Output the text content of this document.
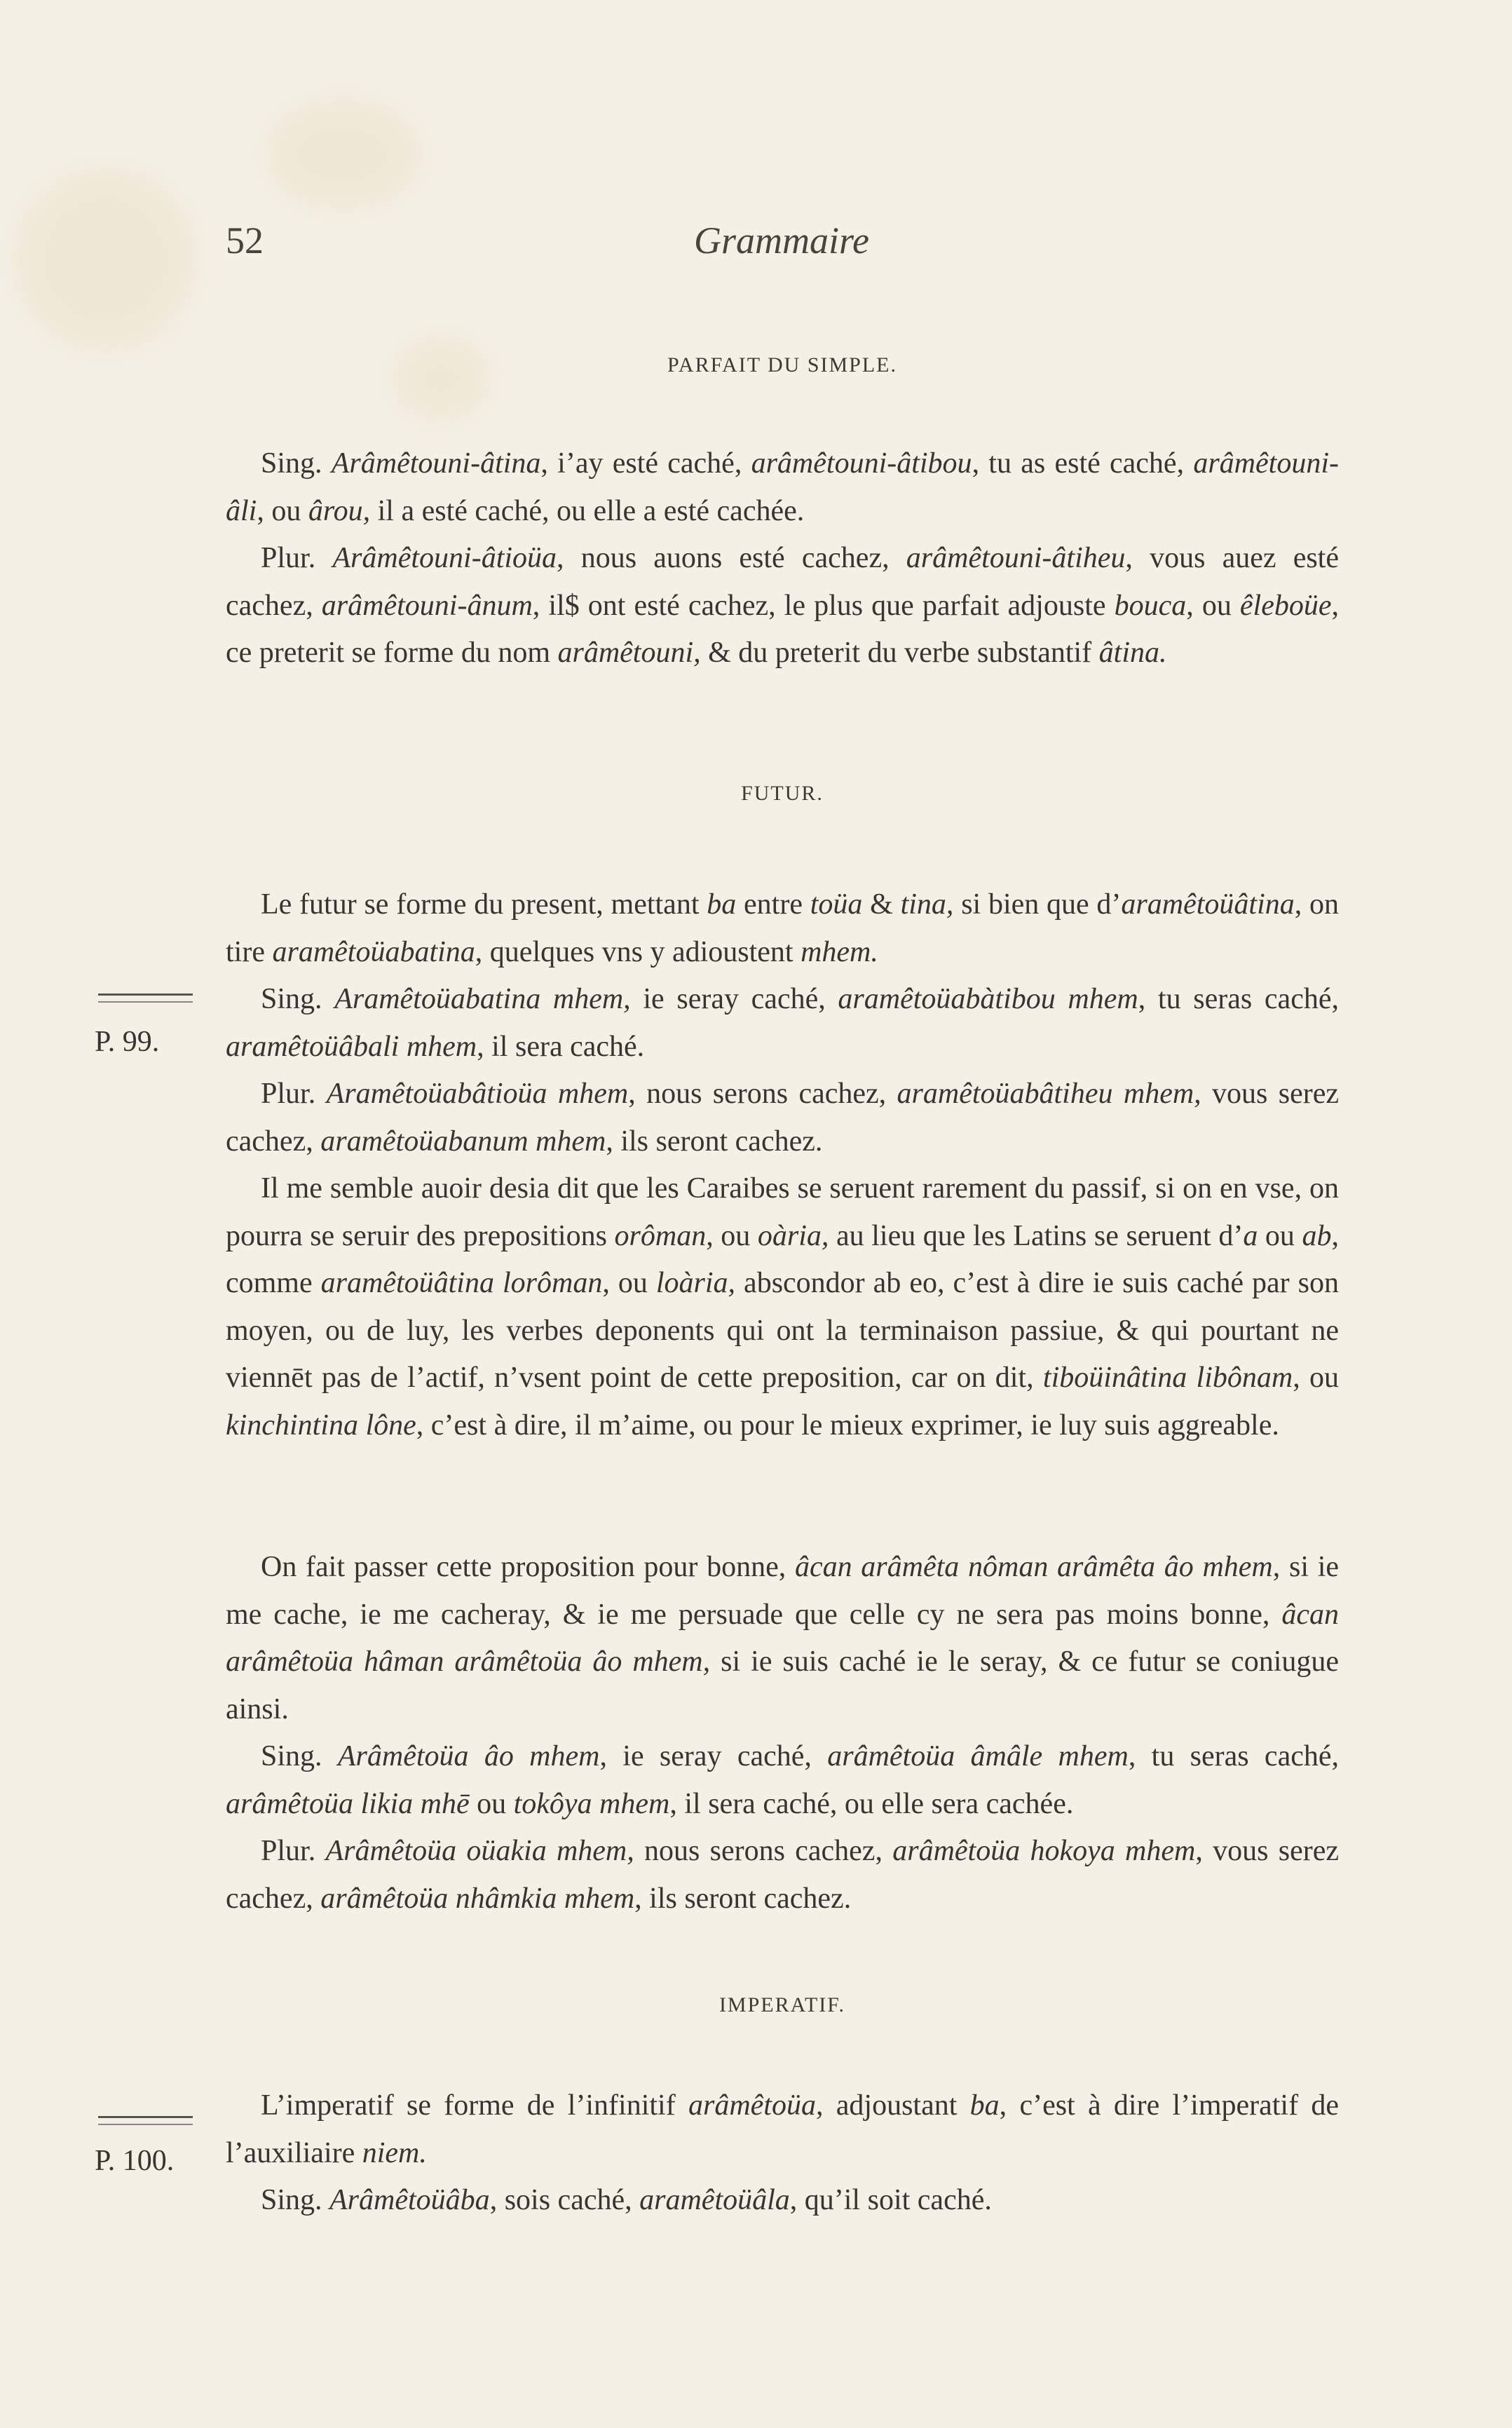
52	Grammaire
PARFAIT DU SIMPLE.
Sing. Arâmêtouni-âtina, i’ay esté caché, arâmêtouni-âtibou, tu as esté caché, arâmêtouni-âli, ou ârou, il a esté caché, ou elle a esté cachée.
Plur. Arâmêtouni-âtioüa, nous auons esté cachez, arâmêtouni-âtiheu, vous auez esté cachez, arâmêtouni-ânum, il$ ont esté cachez, le plus que parfait adjouste bouca, ou êleboüe, ce preterit se forme du nom arâmêtouni, & du preterit du verbe substantif âtina.
FUTUR.
Le futur se forme du present, mettant ba entre toüa & tina, si bien que d’aramêtoüâtina, on tire aramêtoüabatina, quelques vns y adioustent mhem.
Sing. Aramêtoüabatina mhem, ie seray caché, aramêtoüabàtibou mhem, tu seras caché, aramêtoüâbali mhem, il sera caché.
Plur. Aramêtoüabâtioüa mhem, nous serons cachez, aramêtoüabâtiheu mhem, vous serez cachez, aramêtoüabanum mhem, ils seront cachez.
Il me semble auoir desia dit que les Caraibes se seruent rarement du passif, si on en vse, on pourra se seruir des prepositions orôman, ou oària, au lieu que les Latins se seruent d’a ou ab, comme aramêtoüâtina lorôman, ou loària, abscondor ab eo, c’est à dire ie suis caché par son moyen, ou de luy, les verbes deponents qui ont la terminaison passiue, & qui pourtant ne viennēt pas de l’actif, n’vsent point de cette preposition, car on dit, tiboüinâtina libônam, ou kinchintina lône, c’est à dire, il m’aime, ou pour le mieux exprimer, ie luy suis aggreable.
On fait passer cette proposition pour bonne, âcan arâmêta nôman arâmêta âo mhem, si ie me cache, ie me cacheray, & ie me persuade que celle cy ne sera pas moins bonne, âcan arâmêtoüa hâman arâmêtoüa âo mhem, si ie suis caché ie le seray, & ce futur se coniugue ainsi.
Sing. Arâmêtoüa âo mhem, ie seray caché, arâmêtoüa âmâle mhem, tu seras caché, arâmêtoüa likia mhē ou tokôya mhem, il sera caché, ou elle sera cachée.
Plur. Arâmêtoüa oüakia mhem, nous serons cachez, arâmêtoüa hokoya mhem, vous serez cachez, arâmêtoüa nhâmkia mhem, ils seront cachez.
IMPERATIF.
L’imperatif se forme de l’infinitif arâmêtoüa, adjoustant ba, c’est à dire l’imperatif de l’auxiliaire niem.
Sing. Arâmêtoüâba, sois caché, aramêtoüâla, qu’il soit caché.
P. 99.
P. 100.
